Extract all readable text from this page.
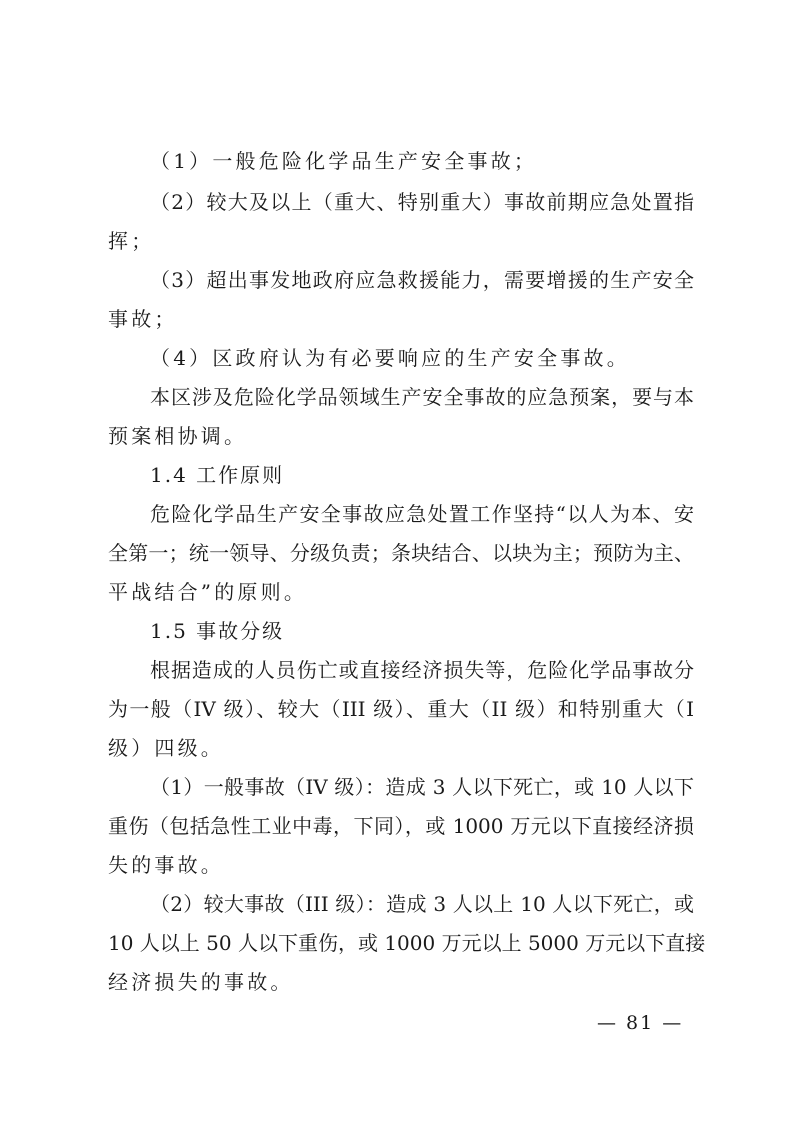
（1）一般危险化学品生产安全事故；
（2）较大及以上（重大、特别重大）事故前期应急处置指
挥；
（3）超出事发地政府应急救援能力，需要增援的生产安全
事故；
（4）区政府认为有必要响应的生产安全事故。
本区涉及危险化学品领域生产安全事故的应急预案，要与本
预案相协调。
1.4 工作原则
危险化学品生产安全事故应急处置工作坚持“以人为本、安
全第一；统一领导、分级负责；条块结合、以块为主；预防为主、
平战结合”的原则。
1.5 事故分级
根据造成的人员伤亡或直接经济损失等，危险化学品事故分
为一般（IV 级）、较大（III 级）、重大（II 级）和特别重大（I
级）四级。
（1）一般事故（IV 级）：造成 3 人以下死亡，或 10 人以下
重伤（包括急性工业中毒，下同），或 1000 万元以下直接经济损
失的事故。
（2）较大事故（III 级）：造成 3 人以上 10 人以下死亡，或
10 人以上 50 人以下重伤，或 1000 万元以上 5000 万元以下直接
经济损失的事故。
— 81 —
